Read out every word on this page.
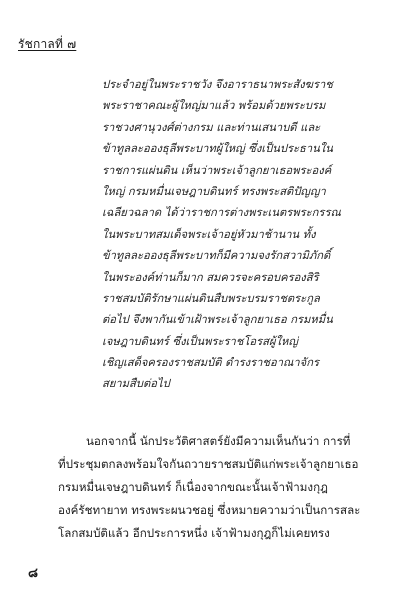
รัชกาลที่ ๗
ประจำอยู่ในพระราชวัง จึงอาราธนาพระสังฆราช
พระราชาคณะผู้ใหญ่มาแล้ว พร้อมด้วยพระบรม
ราชวงศานุวงศ์ต่างกรม และท่านเสนาบดี และ
ข้าทูลละอองธุลีพระบาทผู้ใหญ่ ซึ่งเป็นประธานใน
ราชการแผ่นดิน เห็นว่าพระเจ้าลูกยาเธอพระองค์
ใหญ่ กรมหมื่นเจษฎาบดินทร์ ทรงพระสติปัญญา
เฉลียวฉลาด ได้ว่าราชการต่างพระเนตรพระกรรณ
ในพระบาทสมเด็จพระเจ้าอยู่หัวมาช้านาน ทั้ง
ข้าทูลละอองธุลีพระบาทก็มีความจงรักสวามิภักดิ์
ในพระองค์ท่านก็มาก สมควรจะครอบครองสิริ
ราชสมบัติรักษาแผ่นดินสืบพระบรมราชตระกูล
ต่อไป จึงพากันเข้าเฝ้าพระเจ้าลูกยาเธอ กรมหมื่น
เจษฎาบดินทร์ ซึ่งเป็นพระราชโอรสผู้ใหญ่
เชิญเสด็จครองราชสมบัติ ดำรงราชอาณาจักร
สยามสืบต่อไป
นอกจากนี้ นักประวัติศาสตร์ยังมีความเห็นกันว่า การที่
ที่ประชุมตกลงพร้อมใจกันถวายราชสมบัติแก่พระเจ้าลูกยาเธอ
กรมหมื่นเจษฎาบดินทร์ ก็เนื่องจากขณะนั้นเจ้าฟ้ามงกุฎ
องค์รัชทายาท ทรงพระผนวชอยู่ ซึ่งหมายความว่าเป็นการสละ
โลกสมบัติแล้ว อีกประการหนึ่ง เจ้าฟ้ามงกุฎก็ไม่เคยทรง
๘
